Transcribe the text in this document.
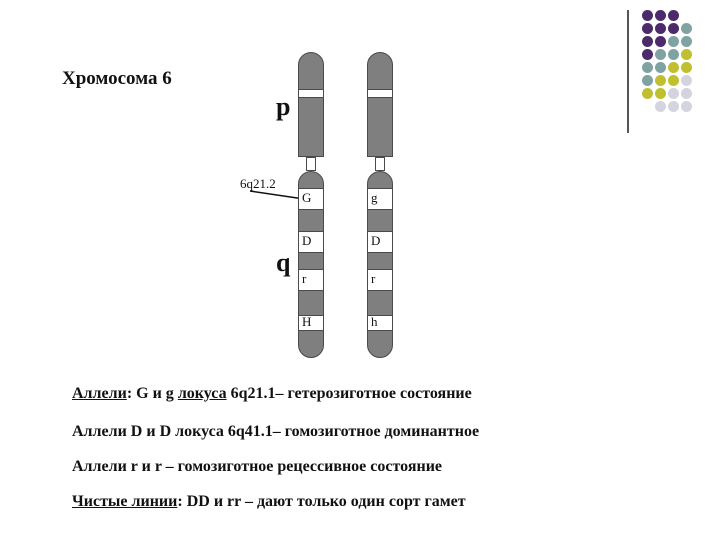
Хромосома 6
p
q
6q21.2
G
D
r
H
g
D
r
h
Аллели: G и g локуса 6q21.1– гетерозиготное состояние
Аллели D и D локуса 6q41.1– гомозиготное доминантное
Аллели r и r – гомозиготное рецессивное состояние
Чистые линии: DD и rr – дают только один сорт гамет
